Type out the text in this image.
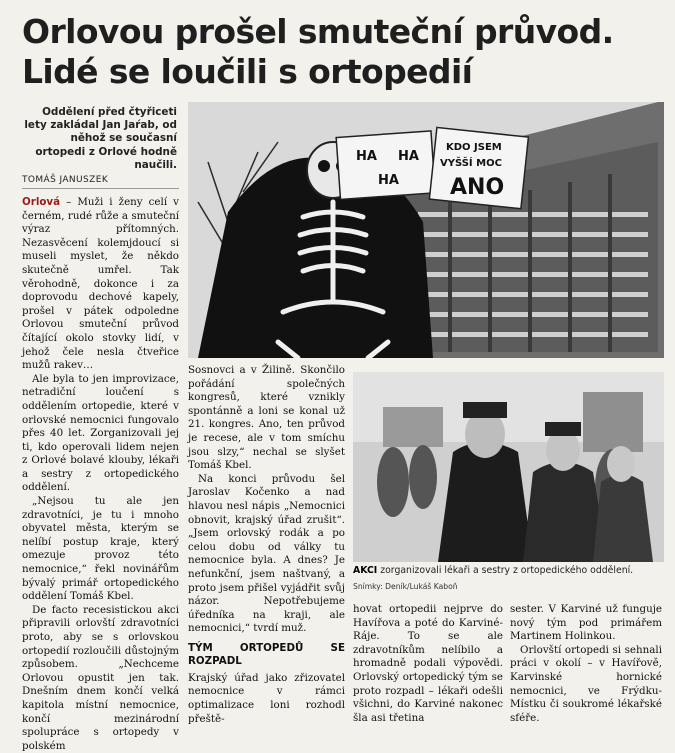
Orlovou prošel smuteční průvod.
Lidé se loučili s ortopedií
Oddělení před čtyřiceti lety zakládal Jan Jaŕab, od něhož se současní ortopedi z Orlové hodně naučili.
TOMÁŠ JANUSZEK

Orlová – Muži i ženy celí v černém, rudé růže a smuteční výraz přítomných. Nezasvěcení kolemjdoucí si museli myslet, že někdo skutečně umřel. Tak věrohodně, dokonce i za doprovodu dechové kapely, prošel v pátek odpoledne Orlovou smuteční průvod čítající okolo stovky lidí, v jehož čele nesla čtveřice mužů rakev…

Ale byla to jen improvizace, netradiční loučení s oddělením ortopedie, které v orlovské nemocnici fungovalo přes 40 let. Zorganizovali jej ti, kdo operovali lidem nejen z Orlové bolavé klouby, lékaři a sestry z ortopedického oddělení.

„Nejsou tu ale jen zdravotníci, je tu i mnoho obyvatel města, kterým se nelíbí postup kraje, který omezuje provoz této nemocnice,“ řekl novinářům bývalý primář ortopedického oddělení Tomáš Kbel.

De facto recesistickou akci připravili orlovští zdravotníci proto, aby se s orlovskou ortopedií rozloučili důstojným způsobem. „Nechceme Orlovou opustit jen tak. Dnešním dnem končí velká kapitola místní nemocnice, končí mezinárodní spolupráce s ortopedy v polském

HA HA
HA
KDO JSEM
VYŠŠÍ MOC
ANO

Sosnovci a v Žilině. Skončilo pořádání společných kongresů, které vznikly spontánně a loni se konal už 21. kongres. Ano, ten průvod je recese, ale v tom smíchu jsou slzy,“ nechal se slyšet Tomáš Kbel.

Na konci průvodu šel Jaroslav Kočenko a nad hlavou nesl nápis „Nemocnici obnovit, krajský úřad zrušit“. „Jsem orlovský rodák a po celou dobu od války tu nemocnice byla. A dnes? Je nefunkční, jsem naštvaný, a proto jsem přišel vyjádřit svůj názor. Nepotřebujeme úředníka na kraji, ale nemocnici,“ tvrdí muž.

TÝM ORTOPEDŮ SE ROZPADL

Krajský úřad jako zřizovatel nemocnice v rámci optimalizace loni rozhodl přeště-

AKCI zorganizovali lékaři a sestry z ortopedického oddělení.
Snímky: Deník/Lukáš Kaboň

hovat ortopedii nejprve do Havířova a poté do Karviné-Ráje. To se ale zdravotníkům nelíbilo a hromadně podali výpovědi. Orlovský ortopedický tým se proto rozpadl – lékaři odešli všichni, do Karviné nakonec šla asi třetina

sester. V Karviné už funguje nový tým pod primářem Martinem Holinkou.

Orlovští ortopedi si sehnali práci v okolí – v Havířově, Karvinské hornické nemocnici, ve Frýdku-Místku či soukromé lékařské sféře.
